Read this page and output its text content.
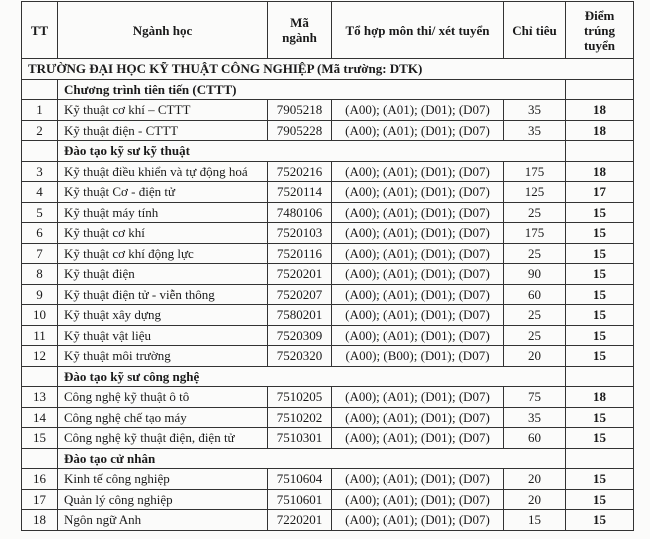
TT	Ngành học	Mã ngành	Tổ hợp môn thi/ xét tuyển	Chỉ tiêu	Điểm trúng tuyển
TRƯỜNG ĐẠI HỌC KỸ THUẬT CÔNG NGHIỆP (Mã trường: DTK)					
	Chương trình tiên tiến (CTTT)				
1	Kỹ thuật cơ khí – CTTT	7905218	(A00); (A01); (D01); (D07)	35	18
2	Kỹ thuật điện - CTTT	7905228	(A00); (A01); (D01); (D07)	35	18
	Đào tạo kỹ sư kỹ thuật				
3	Kỹ thuật điều khiển và tự động hoá	7520216	(A00); (A01); (D01); (D07)	175	18
4	Kỹ thuật Cơ - điện tử	7520114	(A00); (A01); (D01); (D07)	125	17
5	Kỹ thuật máy tính	7480106	(A00); (A01); (D01); (D07)	25	15
6	Kỹ thuật cơ khí	7520103	(A00); (A01); (D01); (D07)	175	15
7	Kỹ thuật cơ khí động lực	7520116	(A00); (A01); (D01); (D07)	25	15
8	Kỹ thuật điện	7520201	(A00); (A01); (D01); (D07)	90	15
9	Kỹ thuật điện tử - viễn thông	7520207	(A00); (A01); (D01); (D07)	60	15
10	Kỹ thuật xây dựng	7580201	(A00); (A01); (D01); (D07)	25	15
11	Kỹ thuật vật liệu	7520309	(A00); (A01); (D01); (D07)	25	15
12	Kỹ thuật môi trường	7520320	(A00); (B00); (D01); (D07)	20	15
	Đào tạo kỹ sư công nghệ				
13	Công nghệ kỹ thuật ô tô	7510205	(A00); (A01); (D01); (D07)	75	18
14	Công nghệ chế tạo máy	7510202	(A00); (A01); (D01); (D07)	35	15
15	Công nghệ kỹ thuật điện, điện tử	7510301	(A00); (A01); (D01); (D07)	60	15
	Đào tạo cử nhân				
16	Kinh tế công nghiệp	7510604	(A00); (A01); (D01); (D07)	20	15
17	Quản lý công nghiệp	7510601	(A00); (A01); (D01); (D07)	20	15
18	Ngôn ngữ Anh	7220201	(A00); (A01); (D01); (D07)	15	15
